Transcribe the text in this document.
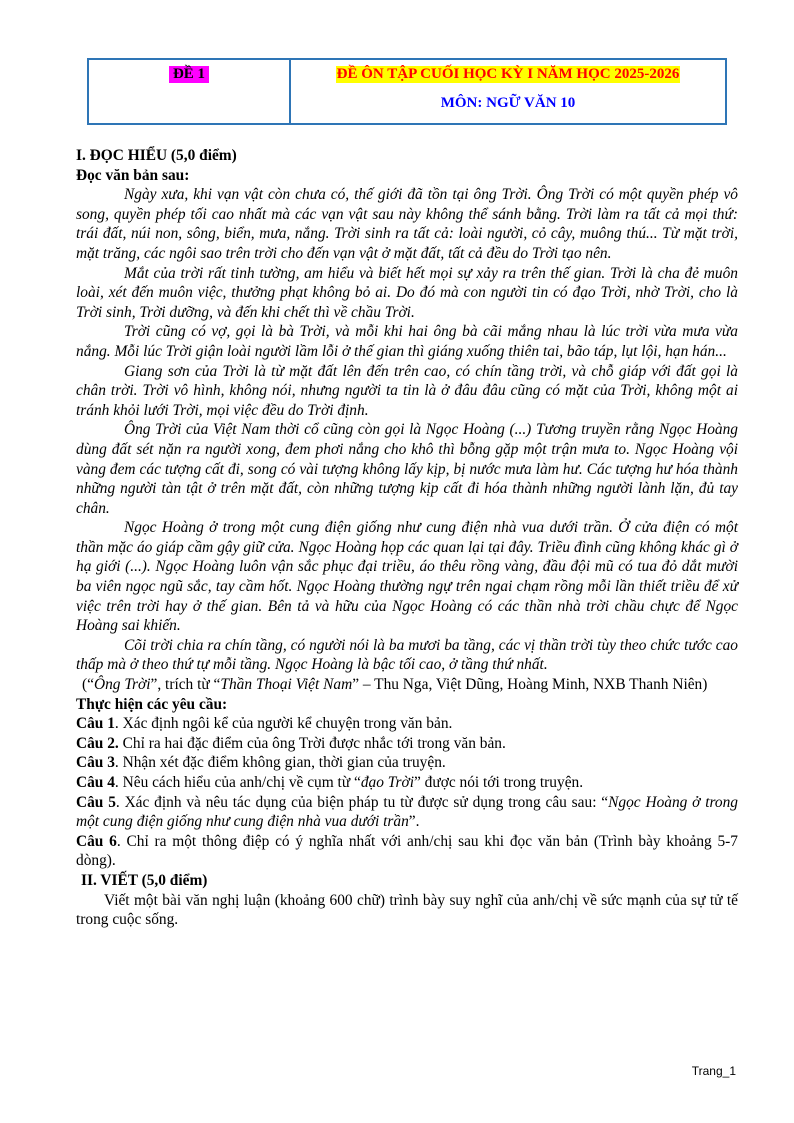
ĐỀ 1	ĐỀ ÔN TẬP CUỐI HỌC KỲ I NĂM HỌC 2025-2026
MÔN: NGỮ VĂN 10

I. ĐỌC HIỂU (5,0 điểm)

Đọc văn bản sau:

Ngày xưa, khi vạn vật còn chưa có, thế giới đã tồn tại ông Trời. Ông Trời có một quyền phép vô song, quyền phép tối cao nhất mà các vạn vật sau này không thể sánh bằng. Trời làm ra tất cả mọi thứ: trái đất, núi non, sông, biển, mưa, nắng. Trời sinh ra tất cả: loài người, cỏ cây, muông thú... Từ mặt trời, mặt trăng, các ngôi sao trên trời cho đến vạn vật ở mặt đất, tất cả đều do Trời tạo nên.

Mắt của trời rất tinh tường, am hiểu và biết hết mọi sự xảy ra trên thế gian. Trời là cha đẻ muôn loài, xét đến muôn việc, thưởng phạt không bỏ ai. Do đó mà con người tin có đạo Trời, nhờ Trời, cho là Trời sinh, Trời dưỡng, và đến khi chết thì về chầu Trời.

Trời cũng có vợ, gọi là bà Trời, và mỗi khi hai ông bà cãi mắng nhau là lúc trời vừa mưa vừa nắng. Mỗi lúc Trời giận loài người lầm lỗi ở thế gian thì giáng xuống thiên tai, bão táp, lụt lội, hạn hán...

Giang sơn của Trời là từ mặt đất lên đến trên cao, có chín tầng trời, và chỗ giáp với đất gọi là chân trời. Trời vô hình, không nói, nhưng người ta tin là ở đâu đâu cũng có mặt của Trời, không một ai tránh khỏi lưới Trời, mọi việc đều do Trời định.

Ông Trời của Việt Nam thời cổ cũng còn gọi là Ngọc Hoàng (...) Tương truyền rằng Ngọc Hoàng dùng đất sét nặn ra người xong, đem phơi nắng cho khô thì bỗng gặp một trận mưa to. Ngọc Hoàng vội vàng đem các tượng cất đi, song có vài tượng không lấy kịp, bị nước mưa làm hư. Các tượng hư hóa thành những người tàn tật ở trên mặt đất, còn những tượng kịp cất đi hóa thành những người lành lặn, đủ tay chân.

Ngọc Hoàng ở trong một cung điện giống như cung điện nhà vua dưới trần. Ở cửa điện có một thần mặc áo giáp cầm gậy giữ cửa. Ngọc Hoàng họp các quan lại tại đây. Triều đình cũng không khác gì ở hạ giới (...). Ngọc Hoàng luôn vận sắc phục đại triều, áo thêu rồng vàng, đầu đội mũ có tua đỏ dắt mười ba viên ngọc ngũ sắc, tay cầm hốt. Ngọc Hoàng thường ngự trên ngai chạm rồng mỗi lần thiết triều để xử việc trên trời hay ở thế gian. Bên tả và hữu của Ngọc Hoàng có các thần nhà trời chầu chực để Ngọc Hoàng sai khiến.

Cõi trời chia ra chín tầng, có người nói là ba mươi ba tầng, các vị thần trời tùy theo chức tước cao thấp mà ở theo thứ tự mỗi tầng. Ngọc Hoàng là bậc tối cao, ở tầng thứ nhất.

(“Ông Trời”, trích từ “Thần Thoại Việt Nam” – Thu Nga, Việt Dũng, Hoàng Minh, NXB Thanh Niên)

Thực hiện các yêu cầu:

Câu 1. Xác định ngôi kể của người kể chuyện trong văn bản.

Câu 2. Chỉ ra hai đặc điểm của ông Trời được nhắc tới trong văn bản.

Câu 3. Nhận xét đặc điểm không gian, thời gian của truyện.

Câu 4. Nêu cách hiểu của anh/chị về cụm từ “đạo Trời” được nói tới trong truyện.

Câu 5. Xác định và nêu tác dụng của biện pháp tu từ được sử dụng trong câu sau: “Ngọc Hoàng ở trong một cung điện giống như cung điện nhà vua dưới trần”.

Câu 6. Chỉ ra một thông điệp có ý nghĩa nhất với anh/chị sau khi đọc văn bản (Trình bày khoảng 5-7 dòng).

II. VIẾT (5,0 điểm)

Viết một bài văn nghị luận (khoảng 600 chữ) trình bày suy nghĩ của anh/chị về sức mạnh của sự tử tế trong cuộc sống.

Trang_1
